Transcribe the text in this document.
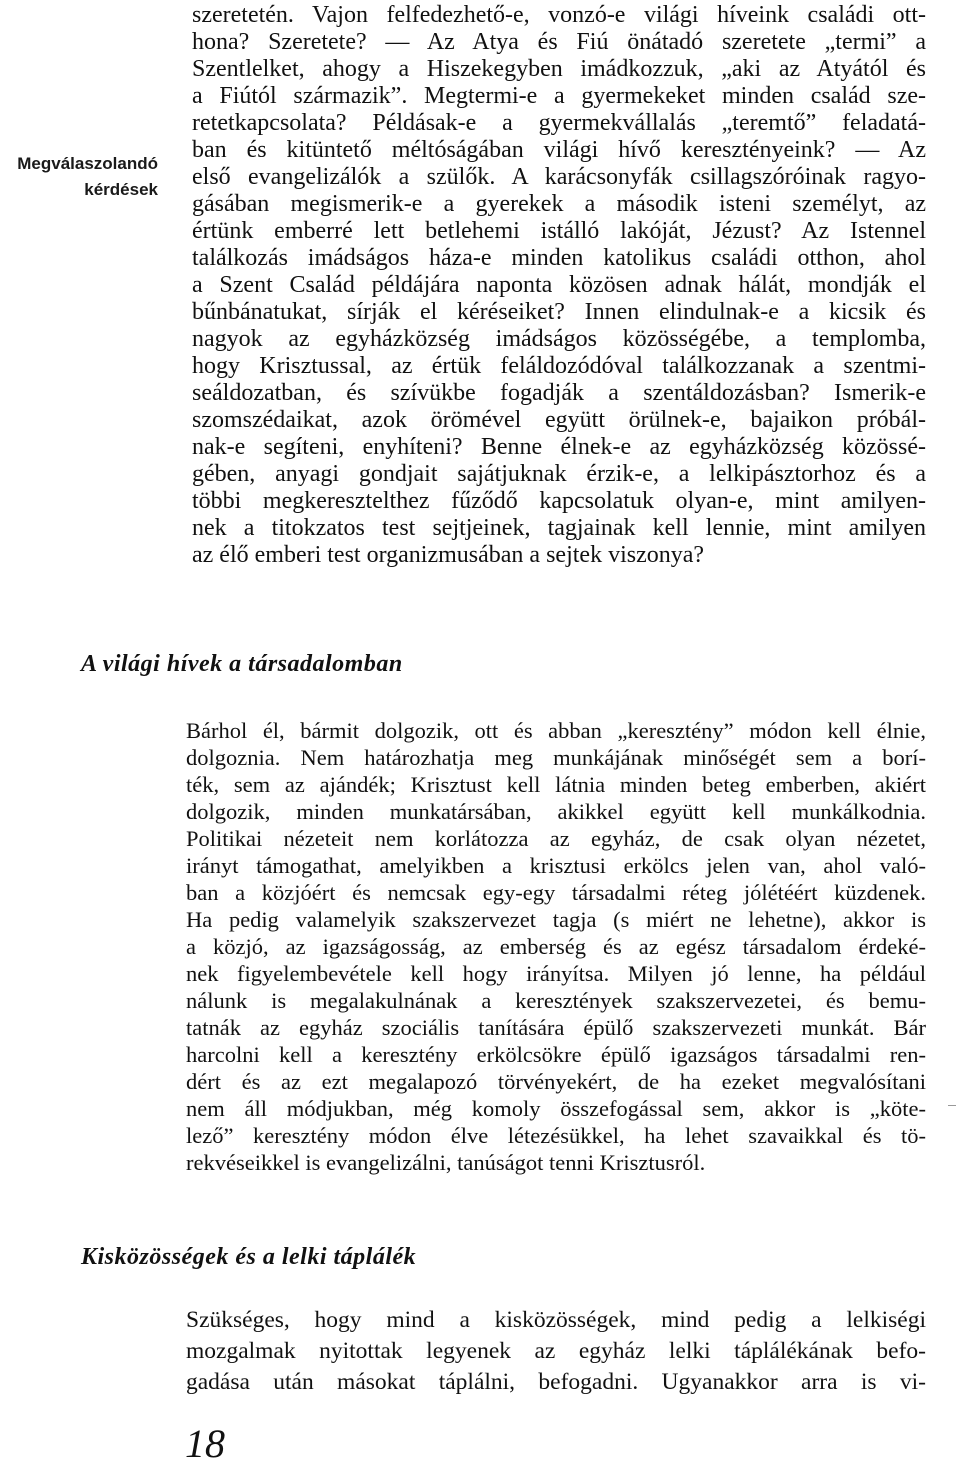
Megválaszolandó
kérdések
szeretetén. Vajon felfedezhető-e, vonzó-e világi híveink családi ott-
hona? Szeretete? — Az Atya és Fiú önátadó szeretete „termi” a
Szentlelket, ahogy a Hiszekegyben imádkozzuk, „aki az Atyától és
a Fiútól származik”. Megtermi-e a gyermekeket minden család sze-
retetkapcsolata? Példásak-e a gyermekvállalás „teremtő” feladatá-
ban és kitüntető méltóságában világi hívő keresztényeink? — Az
első evangelizálók a szülők. A karácsonyfák csillagszóróinak ragyo-
gásában megismerik-e a gyerekek a második isteni személyt, az
értünk emberré lett betlehemi istálló lakóját, Jézust? Az Istennel
találkozás imádságos háza-e minden katolikus családi otthon, ahol
a Szent Család példájára naponta közösen adnak hálát, mondják el
bűnbánatukat, sírják el kéréseiket? Innen elindulnak-e a kicsik és
nagyok az egyházközség imádságos közösségébe, a templomba,
hogy Krisztussal, az értük feláldozódóval találkozzanak a szentmi-
seáldozatban, és szívükbe fogadják a szentáldozásban? Ismerik-e
szomszédaikat, azok örömével együtt örülnek-e, bajaikon próbál-
nak-e segíteni, enyhíteni? Benne élnek-e az egyházközség közössé-
gében, anyagi gondjait sajátjuknak érzik-e, a lelkipásztorhoz és a
többi megkeresztelthez fűződő kapcsolatuk olyan-e, mint amilyen-
nek a titokzatos test sejtjeinek, tagjainak kell lennie, mint amilyen
az élő emberi test organizmusában a sejtek viszonya?
A világi hívek a társadalomban
Bárhol él, bármit dolgozik, ott és abban „keresztény” módon kell élnie,
dolgoznia. Nem határozhatja meg munkájának minőségét sem a borí-
ték, sem az ajándék; Krisztust kell látnia minden beteg emberben, akiért
dolgozik, minden munkatársában, akikkel együtt kell munkálkodnia.
Politikai nézeteit nem korlátozza az egyház, de csak olyan nézetet,
irányt támogathat, amelyikben a krisztusi erkölcs jelen van, ahol való-
ban a közjóért és nemcsak egy-egy társadalmi réteg jólétéért küzdenek.
Ha pedig valamelyik szakszervezet tagja (s miért ne lehetne), akkor is
a közjó, az igazságosság, az emberség és az egész társadalom érdeké-
nek figyelembevétele kell hogy irányítsa. Milyen jó lenne, ha például
nálunk is megalakulnának a keresztények szakszervezetei, és bemu-
tatnák az egyház szociális tanítására épülő szakszervezeti munkát. Bár
harcolni kell a keresztény erkölcsökre épülő igazságos társadalmi ren-
dért és az ezt megalapozó törvényekért, de ha ezeket megvalósítani
nem áll módjukban, még komoly összefogással sem, akkor is „köte-
lező” keresztény módon élve létezésükkel, ha lehet szavaikkal és tö-
rekvéseikkel is evangelizálni, tanúságot tenni Krisztusról.
Kisközösségek és a lelki táplálék
Szükséges, hogy mind a kisközösségek, mind pedig a lelkiségi
mozgalmak nyitottak legyenek az egyház lelki táplálékának befo-
gadása után másokat táplálni, befogadni. Ugyanakkor arra is vi-
18
